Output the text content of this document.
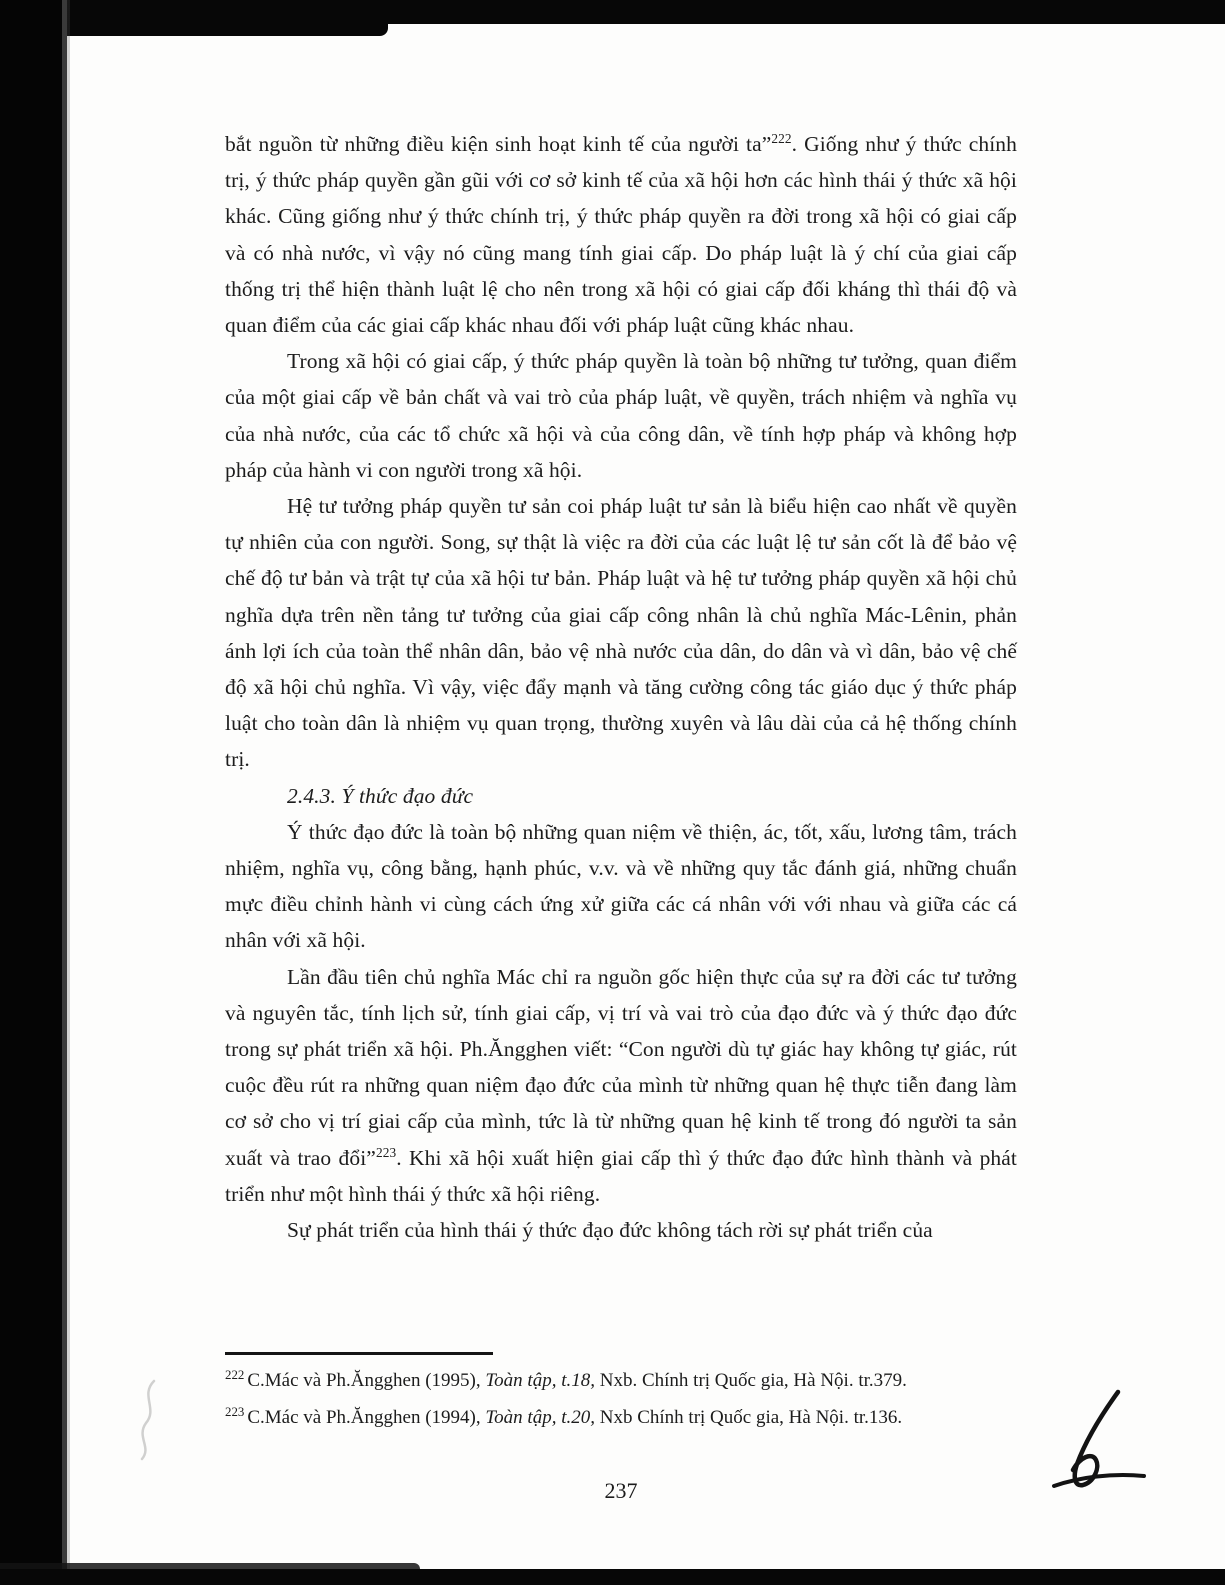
bắt nguồn từ những điều kiện sinh hoạt kinh tế của người ta”$^{222}$. Giống như ý thức chính trị, ý thức pháp quyền gần gũi với cơ sở kinh tế của xã hội hơn các hình thái ý thức xã hội khác. Cũng giống như ý thức chính trị, ý thức pháp quyền ra đời trong xã hội có giai cấp và có nhà nước, vì vậy nó cũng mang tính giai cấp. Do pháp luật là ý chí của giai cấp thống trị thể hiện thành luật lệ cho nên trong xã hội có giai cấp đối kháng thì thái độ và quan điểm của các giai cấp khác nhau đối với pháp luật cũng khác nhau.

Trong xã hội có giai cấp, ý thức pháp quyền là toàn bộ những tư tưởng, quan điểm của một giai cấp về bản chất và vai trò của pháp luật, về quyền, trách nhiệm và nghĩa vụ của nhà nước, của các tổ chức xã hội và của công dân, về tính hợp pháp và không hợp pháp của hành vi con người trong xã hội.

Hệ tư tưởng pháp quyền tư sản coi pháp luật tư sản là biểu hiện cao nhất về quyền tự nhiên của con người. Song, sự thật là việc ra đời của các luật lệ tư sản cốt là để bảo vệ chế độ tư bản và trật tự của xã hội tư bản. Pháp luật và hệ tư tưởng pháp quyền xã hội chủ nghĩa dựa trên nền tảng tư tưởng của giai cấp công nhân là chủ nghĩa Mác-Lênin, phản ánh lợi ích của toàn thể nhân dân, bảo vệ nhà nước của dân, do dân và vì dân, bảo vệ chế độ xã hội chủ nghĩa. Vì vậy, việc đẩy mạnh và tăng cường công tác giáo dục ý thức pháp luật cho toàn dân là nhiệm vụ quan trọng, thường xuyên và lâu dài của cả hệ thống chính trị.

2.4.3. Ý thức đạo đức

Ý thức đạo đức là toàn bộ những quan niệm về thiện, ác, tốt, xấu, lương tâm, trách nhiệm, nghĩa vụ, công bằng, hạnh phúc, v.v. và về những quy tắc đánh giá, những chuẩn mực điều chỉnh hành vi cùng cách ứng xử giữa các cá nhân với với nhau và giữa các cá nhân với xã hội.

Lần đầu tiên chủ nghĩa Mác chỉ ra nguồn gốc hiện thực của sự ra đời các tư tưởng và nguyên tắc, tính lịch sử, tính giai cấp, vị trí và vai trò của đạo đức và ý thức đạo đức trong sự phát triển xã hội. Ph.Ăngghen viết: “Con người dù tự giác hay không tự giác, rút cuộc đều rút ra những quan niệm đạo đức của mình từ những quan hệ thực tiễn đang làm cơ sở cho vị trí giai cấp của mình, tức là từ những quan hệ kinh tế trong đó người ta sản xuất và trao đổi”$^{223}$. Khi xã hội xuất hiện giai cấp thì ý thức đạo đức hình thành và phát triển như một hình thái ý thức xã hội riêng.

Sự phát triển của hình thái ý thức đạo đức không tách rời sự phát triển của

$^{222}$ C.Mác và Ph.Ăngghen (1995), Toàn tập, t.18, Nxb. Chính trị Quốc gia, Hà Nội. tr.379.

$^{223}$ C.Mác và Ph.Ăngghen (1994), Toàn tập, t.20, Nxb Chính trị Quốc gia, Hà Nội. tr.136.

237
